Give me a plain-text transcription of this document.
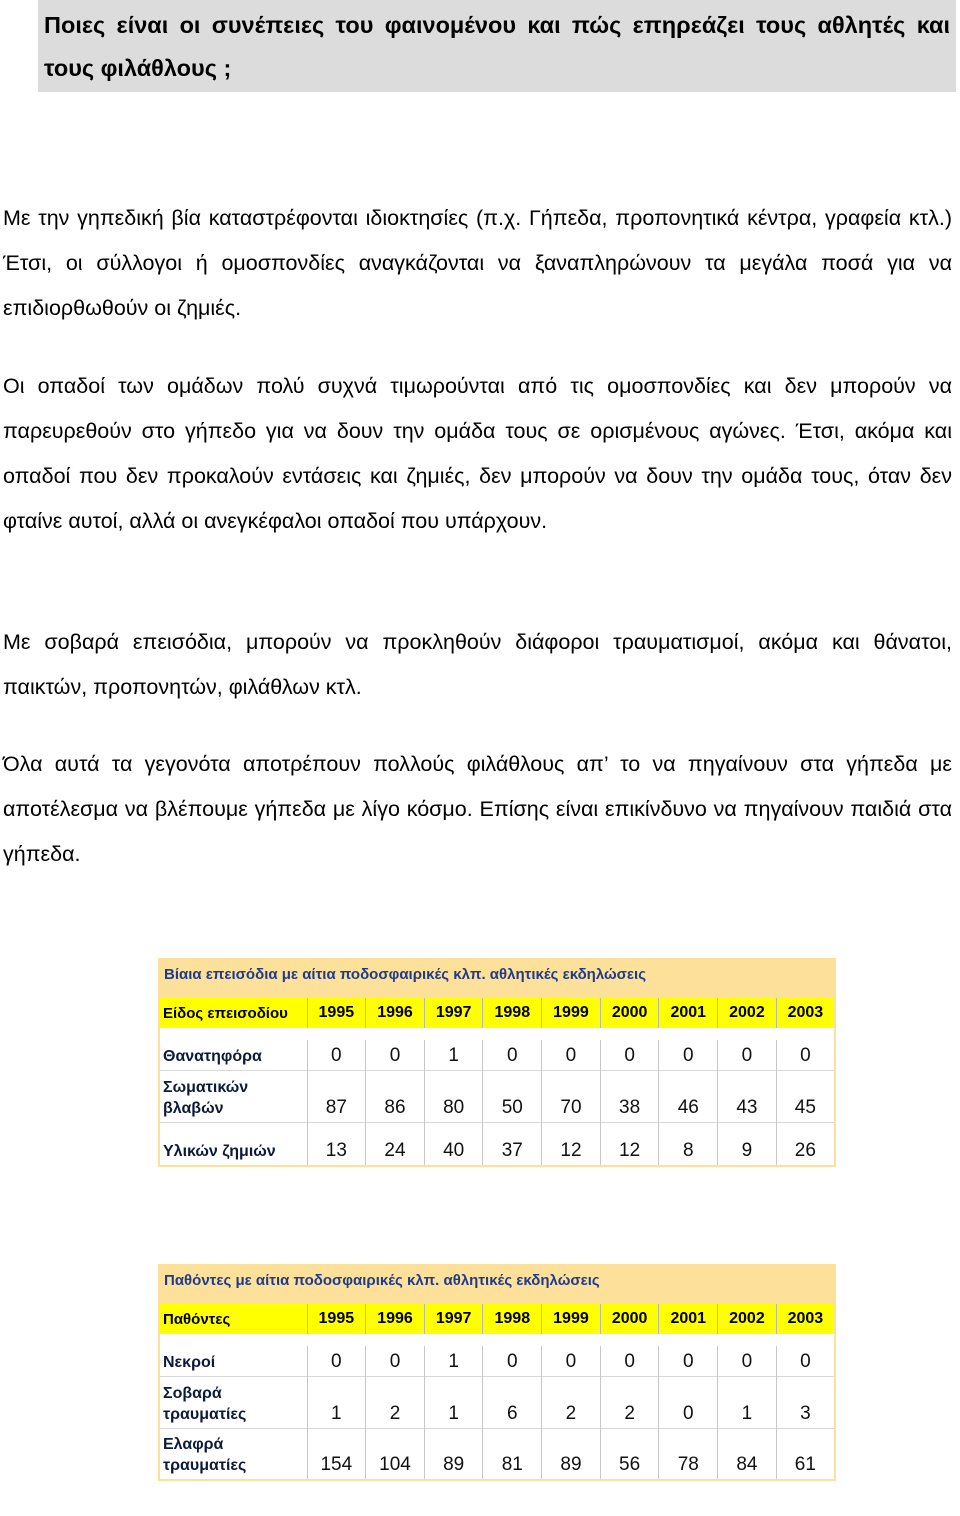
Ποιες είναι οι συνέπειες του φαινομένου και πώς επηρεάζει τους αθλητές και τους φιλάθλους ;

Με την γηπεδική βία καταστρέφονται ιδιοκτησίες (π.χ. Γήπεδα, προπονητικά κέντρα, γραφεία κτλ.) Έτσι, οι σύλλογοι ή ομοσπονδίες αναγκάζονται να ξαναπληρώνουν τα μεγάλα ποσά για να επιδιορθωθούν οι ζημιές.

Οι οπαδοί των ομάδων πολύ συχνά τιμωρούνται από τις ομοσπονδίες και δεν μπορούν να παρευρεθούν στο γήπεδο για να δουν την ομάδα τους σε ορισμένους αγώνες. Έτσι, ακόμα και οπαδοί που δεν προκαλούν εντάσεις και ζημιές, δεν μπορούν να δουν την ομάδα τους, όταν δεν φταίνε αυτοί, αλλά οι ανεγκέφαλοι οπαδοί που υπάρχουν.

Με σοβαρά επεισόδια, μπορούν να προκληθούν διάφοροι τραυματισμοί, ακόμα και θάνατοι, παικτών, προπονητών, φιλάθλων κτλ.

Όλα αυτά τα γεγονότα αποτρέπουν πολλούς φιλάθλους απ’ το να πηγαίνουν στα γήπεδα με αποτέλεσμα να βλέπουμε γήπεδα με λίγο κόσμο. Επίσης είναι επικίνδυνο να πηγαίνουν παιδιά στα γήπεδα.

Βίαια επεισόδια με αίτια ποδοσφαιρικές κλπ. αθλητικές εκδηλώσεις									

Είδος επεισοδίου	1995	1996	1997	1998	1999	2000	2001	2002	2003

Θανατηφόρα	0	0	1	0	0	0	0	0	0
Σωματικών
βλαβών	87	86	80	50	70	38	46	43	45
Υλικών ζημιών	13	24	40	37	12	12	8	9	26
Παθόντες με αίτια ποδοσφαιρικές κλπ. αθλητικές εκδηλώσεις									

Παθόντες	1995	1996	1997	1998	1999	2000	2001	2002	2003

Νεκροί	0	0	1	0	0	0	0	0	0
Σοβαρά
τραυματίες	1	2	1	6	2	2	0	1	3
Ελαφρά
τραυματίες	154	104	89	81	89	56	78	84	61
